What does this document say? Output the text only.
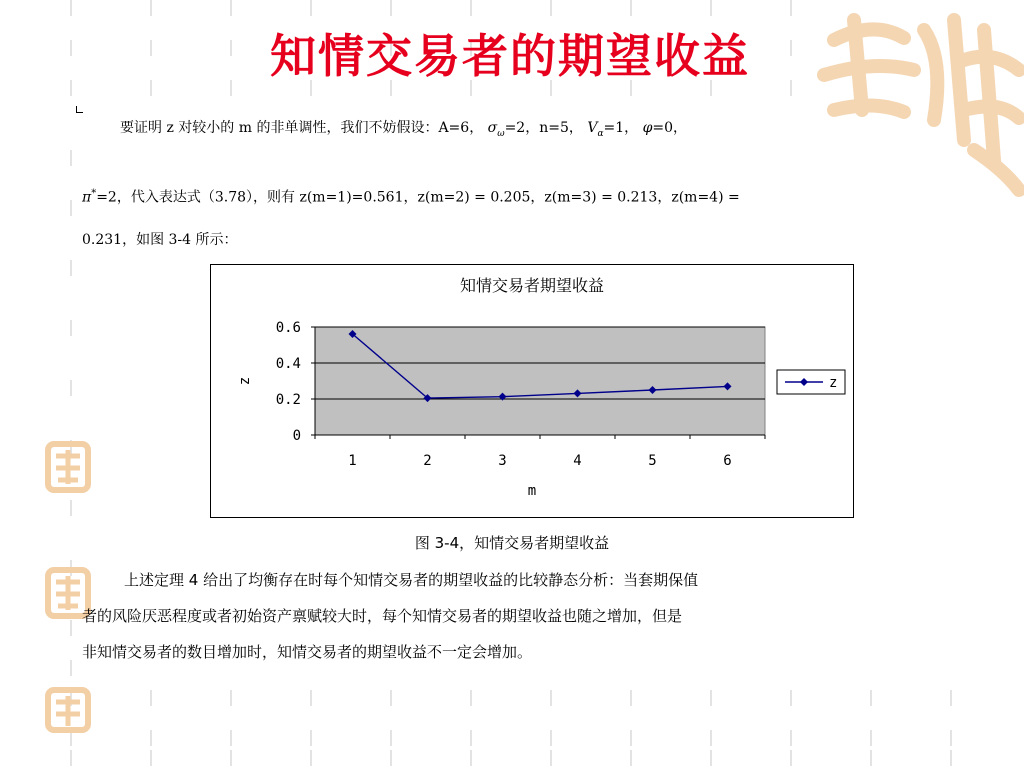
知情交易者的期望收益
要证明 z 对较小的 m 的非单调性，我们不妨假设：A=6， $\sigma_\omega=2$，n=5， $V_\alpha=1$， φ=0，
π*=2，代入表达式（3.78），则有 z(m=1)=0.561，z(m=2) = 0.205，z(m=3) = 0.213，z(m=4) =
0.231，如图 3-4 所示：
知情交易者期望收益
0
0.2
0.4
0.6
1	2	3	4	5	6
m
z	z
图 3-4，知情交易者期望收益
上述定理 4 给出了均衡存在时每个知情交易者的期望收益的比较静态分析：当套期保值
者的风险厌恶程度或者初始资产禀赋较大时，每个知情交易者的期望收益也随之增加，但是
非知情交易者的数目增加时，知情交易者的期望收益不一定会增加。
